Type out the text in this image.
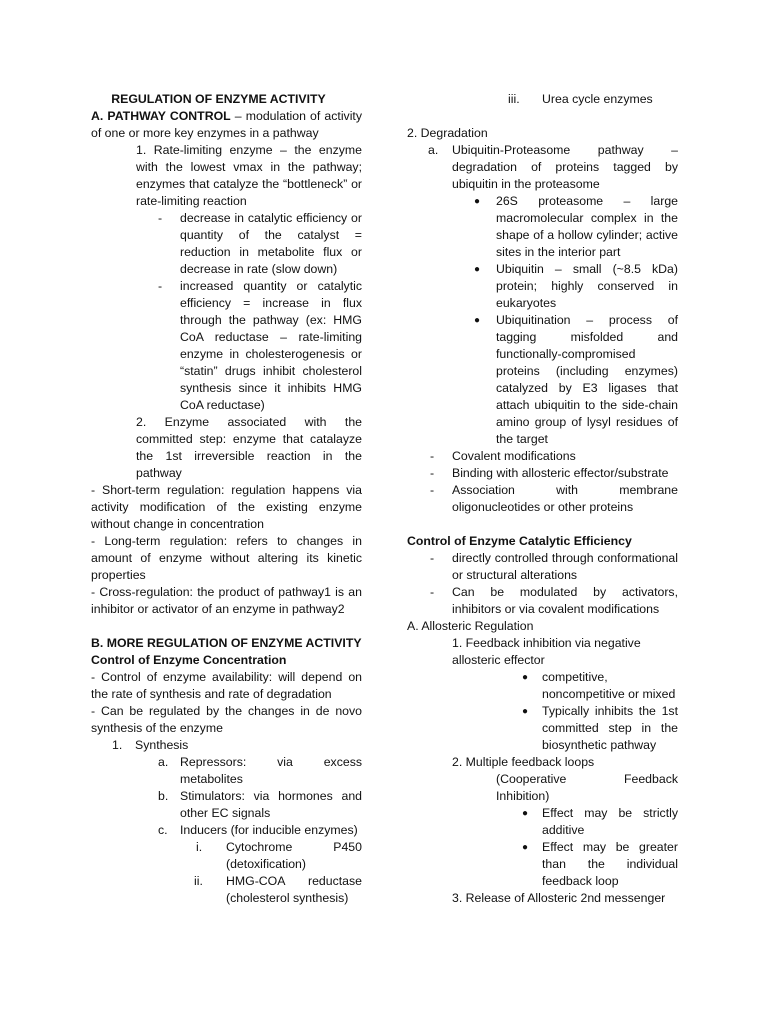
REGULATION OF ENZYME ACTIVITY
A. PATHWAY CONTROL – modulation of activity of one or more key enzymes in a pathway
1. Rate-limiting enzyme – the enzyme with the lowest vmax in the pathway; enzymes that catalyze the “bottleneck” or rate-limiting reaction
- decrease in catalytic efficiency or quantity of the catalyst = reduction in metabolite flux or decrease in rate (slow down)
- increased quantity or catalytic efficiency = increase in flux through the pathway (ex: HMG CoA reductase – rate-limiting enzyme in cholesterogenesis or “statin” drugs inhibit cholesterol synthesis since it inhibits HMG CoA reductase)
2. Enzyme associated with the committed step: enzyme that catalayze the 1st irreversible reaction in the pathway
- Short-term regulation: regulation happens via activity modification of the existing enzyme without change in concentration
- Long-term regulation: refers to changes in amount of enzyme without altering its kinetic properties
- Cross-regulation: the product of pathway1 is an inhibitor or activator of an enzyme in pathway2
B. MORE REGULATION OF ENZYME ACTIVITY
Control of Enzyme Concentration
- Control of enzyme availability: will depend on the rate of synthesis and rate of degradation
- Can be regulated by the changes in de novo synthesis of the enzyme
1. Synthesis
a. Repressors: via excess metabolites
b. Stimulators: via hormones and other EC signals
c. Inducers (for inducible enzymes)
i. Cytochrome P450 (detoxification)
ii. HMG-COA reductase (cholesterol synthesis)
iii. Urea cycle enzymes
2. Degradation
a. Ubiquitin-Proteasome pathway – degradation of proteins tagged by ubiquitin in the proteasome
● 26S proteasome – large macromolecular complex in the shape of a hollow cylinder; active sites in the interior part
● Ubiquitin – small (~8.5 kDa) protein; highly conserved in eukaryotes
● Ubiquitination – process of tagging misfolded and functionally-compromised proteins (including enzymes) catalyzed by E3 ligases that attach ubiquitin to the side-chain amino group of lysyl residues of the target
- Covalent modifications
- Binding with allosteric effector/substrate
- Association with membrane oligonucleotides or other proteins
Control of Enzyme Catalytic Efficiency
- directly controlled through conformational or structural alterations
- Can be modulated by activators, inhibitors or via covalent modifications
A. Allosteric Regulation
1. Feedback inhibition via negative allosteric effector
● competitive, noncompetitive or mixed
● Typically inhibits the 1st committed step in the biosynthetic pathway
2. Multiple feedback loops
(Cooperative Feedback Inhibition)
● Effect may be strictly additive
● Effect may be greater than the individual feedback loop
3. Release of Allosteric 2nd messenger
